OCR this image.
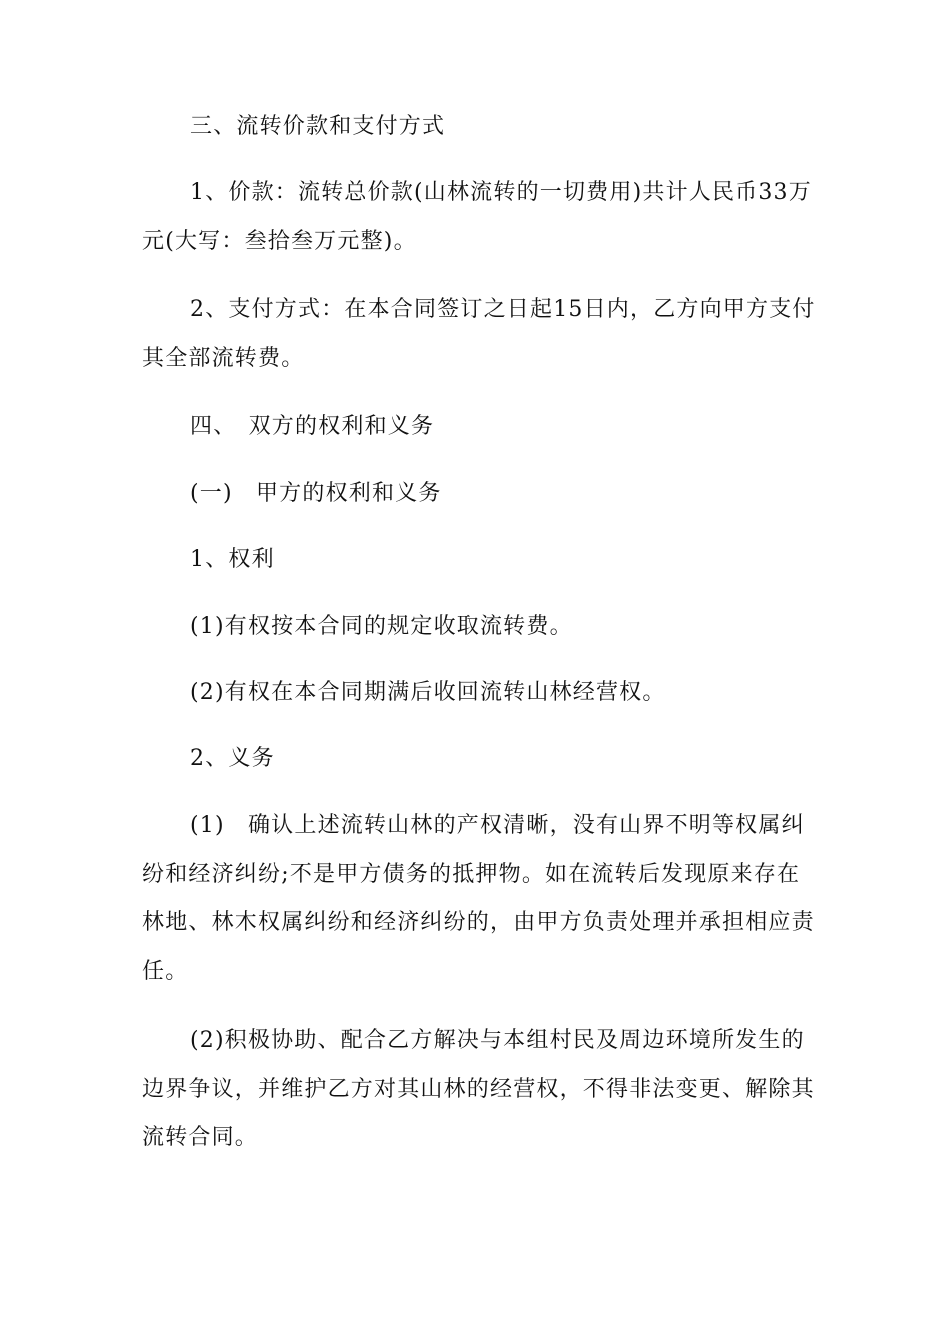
三、流转价款和支付方式

1、价款：流转总价款(山林流转的一切费用)共计人民币33万元(大写：叁拾叁万元整)。

2、支付方式：在本合同签订之日起15日内，乙方向甲方支付其全部流转费。

四、　双方的权利和义务

(一)　甲方的权利和义务

1、权利

(1)有权按本合同的规定收取流转费。

(2)有权在本合同期满后收回流转山林经营权。

2、义务

(1)　确认上述流转山林的产权清晰，没有山界不明等权属纠纷和经济纠纷;不是甲方债务的抵押物。如在流转后发现原来存在林地、林木权属纠纷和经济纠纷的，由甲方负责处理并承担相应责任。

(2)积极协助、配合乙方解决与本组村民及周边环境所发生的边界争议，并维护乙方对其山林的经营权，不得非法变更、解除其流转合同。
